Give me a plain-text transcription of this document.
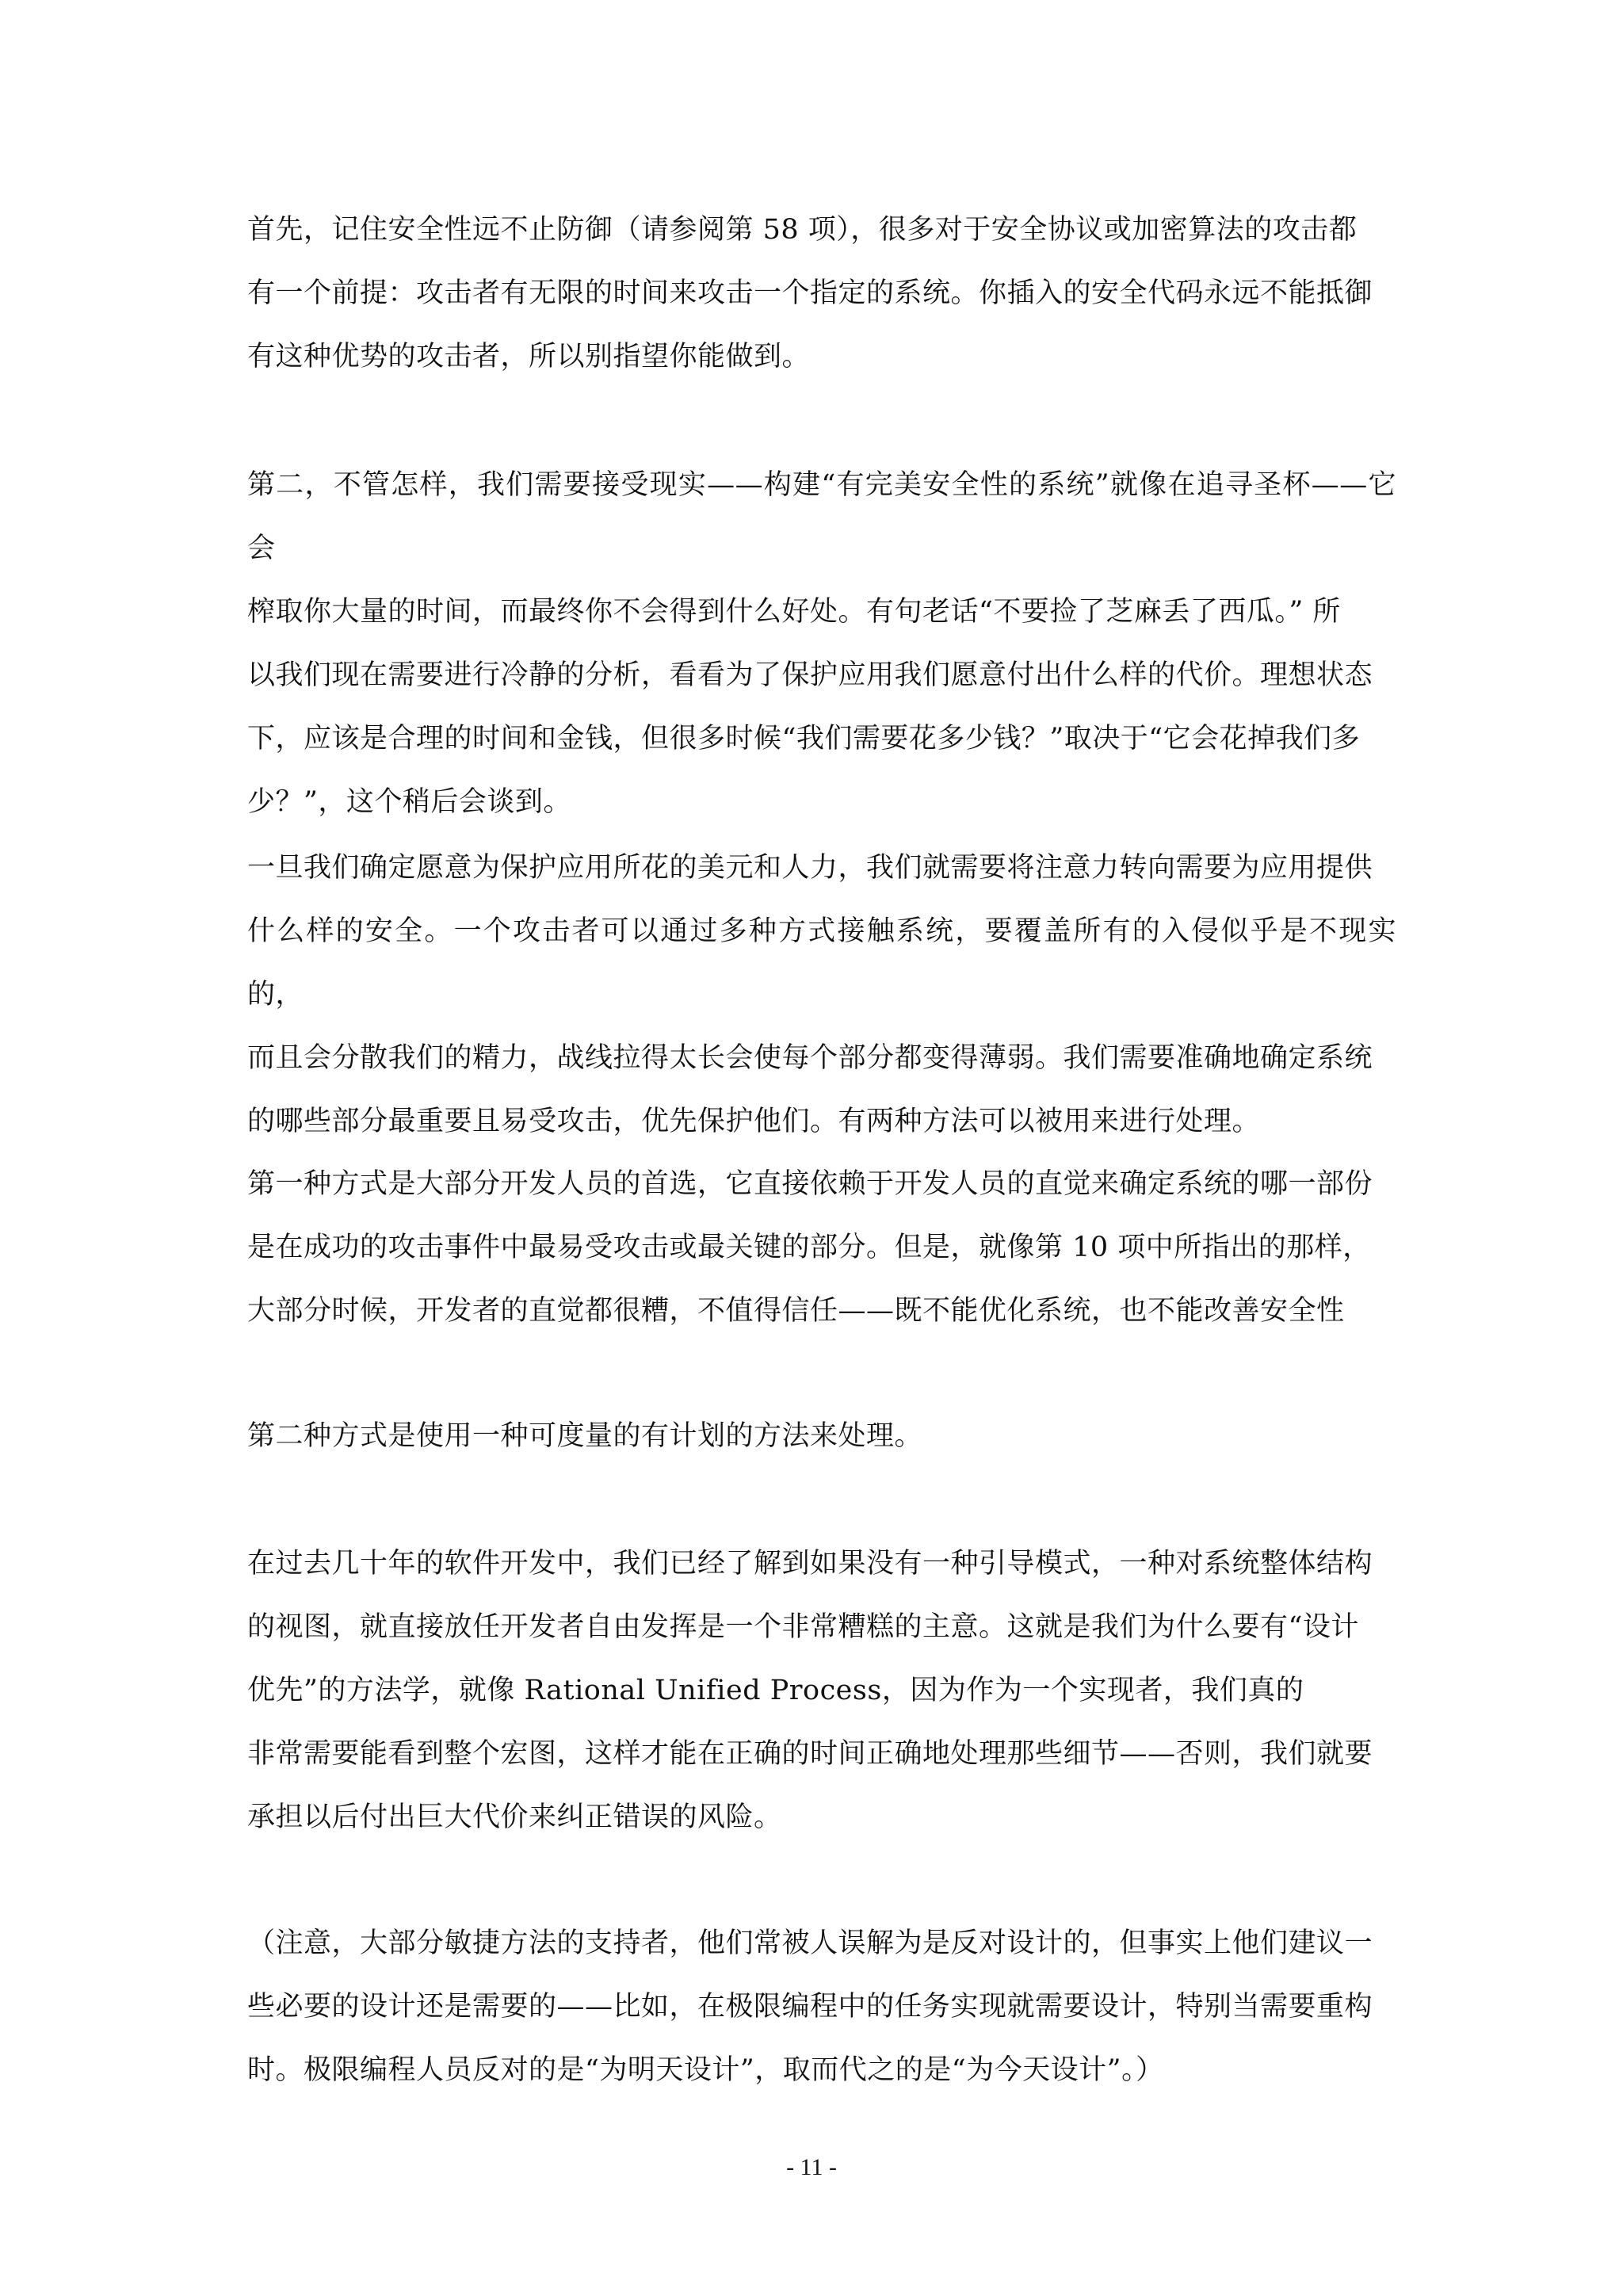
首先，记住安全性远不止防御（请参阅第 58 项），很多对于安全协议或加密算法的攻击都
有一个前提：攻击者有无限的时间来攻击一个指定的系统。你插入的安全代码永远不能抵御
有这种优势的攻击者，所以别指望你能做到。

第二，不管怎样，我们需要接受现实——构建“有完美安全性的系统”就像在追寻圣杯——它会
榨取你大量的时间，而最终你不会得到什么好处。有句老话“不要捡了芝麻丢了西瓜。” 所
以我们现在需要进行冷静的分析，看看为了保护应用我们愿意付出什么样的代价。理想状态
下，应该是合理的时间和金钱，但很多时候“我们需要花多少钱？”取决于“它会花掉我们多
少？”，这个稍后会谈到。

一旦我们确定愿意为保护应用所花的美元和人力，我们就需要将注意力转向需要为应用提供
什么样的安全。一个攻击者可以通过多种方式接触系统，要覆盖所有的入侵似乎是不现实的，
而且会分散我们的精力，战线拉得太长会使每个部分都变得薄弱。我们需要准确地确定系统
的哪些部分最重要且易受攻击，优先保护他们。有两种方法可以被用来进行处理。

第一种方式是大部分开发人员的首选，它直接依赖于开发人员的直觉来确定系统的哪一部份
是在成功的攻击事件中最易受攻击或最关键的部分。但是，就像第 10 项中所指出的那样，
大部分时候，开发者的直觉都很糟，不值得信任——既不能优化系统，也不能改善安全性

第二种方式是使用一种可度量的有计划的方法来处理。

在过去几十年的软件开发中，我们已经了解到如果没有一种引导模式，一种对系统整体结构
的视图，就直接放任开发者自由发挥是一个非常糟糕的主意。这就是我们为什么要有“设计
优先”的方法学，就像 Rational Unified Process，因为作为一个实现者，我们真的
非常需要能看到整个宏图，这样才能在正确的时间正确地处理那些细节——否则，我们就要
承担以后付出巨大代价来纠正错误的风险。

（注意，大部分敏捷方法的支持者，他们常被人误解为是反对设计的，但事实上他们建议一
些必要的设计还是需要的——比如，在极限编程中的任务实现就需要设计，特别当需要重构
时。极限编程人员反对的是“为明天设计”，取而代之的是“为今天设计”。）

- 11 -
